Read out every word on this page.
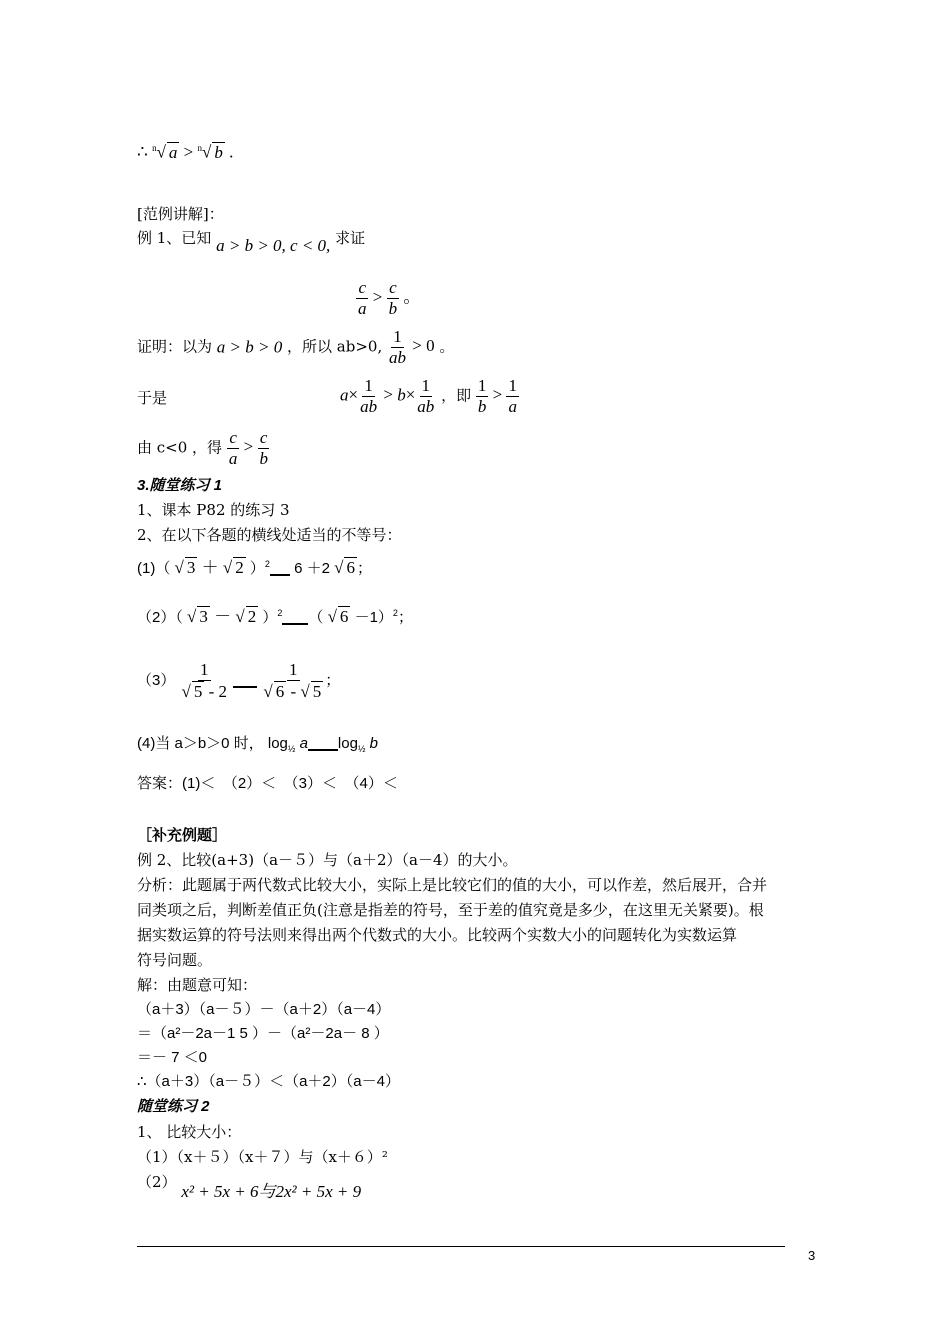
∴ $^n$√ a > $^n$√ b .
[范例讲解]：
例 1、已知 a > b > 0, c < 0, 求证
$\frac{c}{a} > \frac{c}{b}$ 。
证明：以为 a > b > 0 ，所以 ab>0, $\frac{1}{ab} > 0$ 。
于是	$a\times \frac{1}{ab} > b\times \frac{1}{ab}$ ，即 $\frac{1}{b} > \frac{1}{a}$
由 c<0 ，得 $\frac{c}{a} > \frac{c}{b}$
3.随堂练习 1
1、课本 P82 的练习 3
2、在以下各题的横线处适当的不等号：
(1)（ √ 3 ＋ √ 2 ）$^2$ 6 ＋2 √ 6 ；
（2）（ √ 3 － √ 2 ）$^2$ （ √ 6 －1）$^2$；
$(3) \frac{1}{√ 5 - 2}$
$\frac{1}{√ 6 - √ 5}$ ；
(4)当 a＞b＞0 时， $\log_{\frac{1}{2}} a$ $\log_{\frac{1}{2}} b$
答案：(1)＜　（2）＜　（3）＜　（4）＜
［补充例题］
例 2、比较(a+3)（a－５）与（a＋2）（a－4）的大小。
分析：此题属于两代数式比较大小，实际上是比较它们的值的大小，可以作差，然后展开，合并
同类项之后，判断差值正负(注意是指差的符号，至于差的值究竟是多少，在这里无关紧要)。根
据实数运算的符号法则来得出两个代数式的大小。比较两个实数大小的问题转化为实数运算
符号问题。
解：由题意可知：
（a＋3）（a－５）－（a＋2）（a－4）
＝（a²－2a－1 5 ）－（a²－2a－ 8 ）
＝－ 7 ＜0
∴（a＋3）（a－５）＜（a＋2）（a－4）
随堂练习 2
1、 比较大小：
（1）（x＋５）（x＋７）与（x＋６）²
（2） x² + 5x + 6与2x² + 5x + 9
3
